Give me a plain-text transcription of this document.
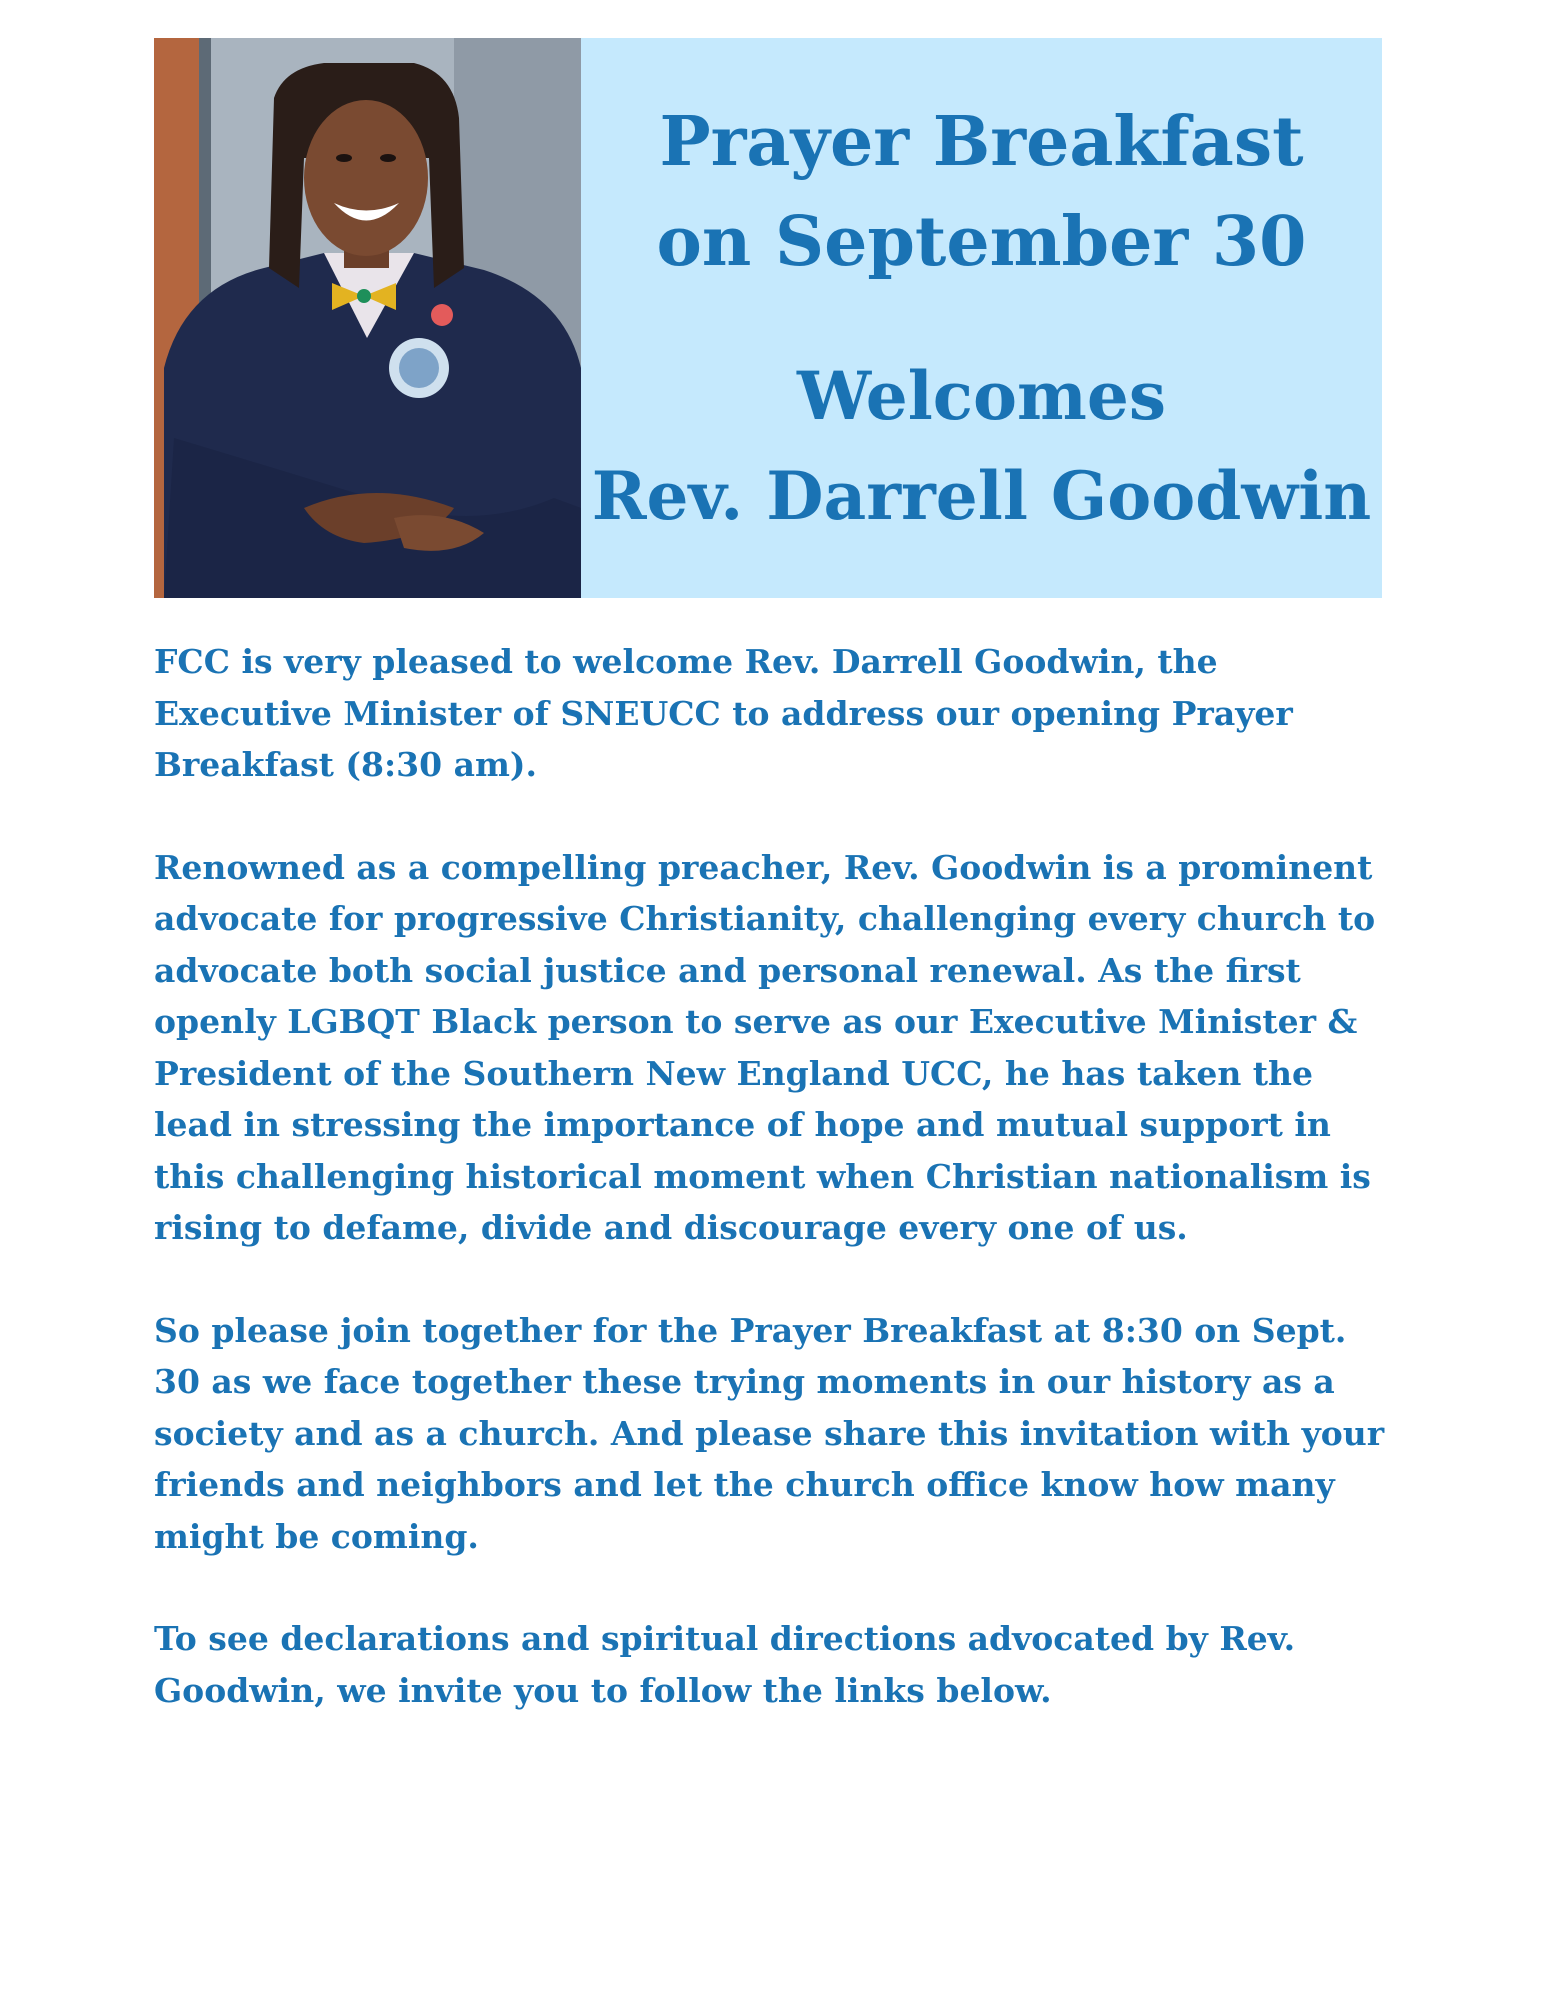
Prayer Breakfast
on September 30
Welcomes
Rev. Darrell Goodwin

FCC is very pleased to welcome Rev. Darrell Goodwin, the Executive Minister of SNEUCC to address our opening Prayer Breakfast (8:30 am).

Renowned as a compelling preacher, Rev. Goodwin is a prominent advocate for progressive Christianity, challenging every church to advocate both social justice and personal renewal. As the first openly LGBQT Black person to serve as our Executive Minister & President of the Southern New England UCC, he has taken the lead in stressing the importance of hope and mutual support in this challenging historical moment when Christian nationalism is rising to defame, divide and discourage every one of us.

So please join together for the Prayer Breakfast at 8:30 on Sept. 30 as we face together these trying moments in our history as a society and as a church. And please share this invitation with your friends and neighbors and let the church office know how many might be coming.

To see declarations and spiritual directions advocated by Rev. Goodwin, we invite you to follow the links below.
